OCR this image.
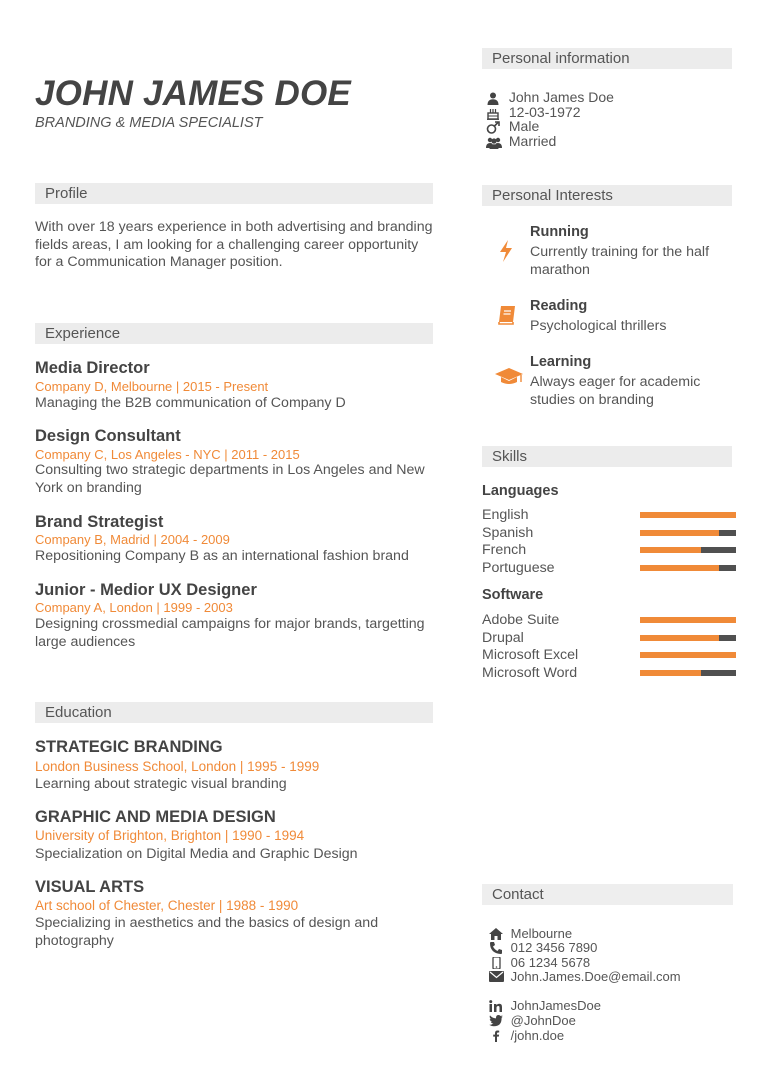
JOHN JAMES DOE
BRANDING & MEDIA SPECIALIST
Profile
With over 18 years experience in both advertising and branding fields areas, I am looking for a challenging career opportunity for a Communication Manager position.
Experience
Media Director
Company D, Melbourne | 2015 - Present
Managing the B2B communication of Company D
Design Consultant
Company C, Los Angeles - NYC | 2011 - 2015
Consulting two strategic departments in Los Angeles and New York on branding
Brand Strategist
Company B, Madrid | 2004 - 2009
Repositioning Company B as an international fashion brand
Junior - Medior UX Designer
Company A, London | 1999 - 2003
Designing crossmedial campaigns for major brands, targetting large audiences
Education
STRATEGIC BRANDING
London Business School, London | 1995 - 1999
Learning about strategic visual branding
GRAPHIC AND MEDIA DESIGN
University of Brighton, Brighton | 1990 - 1994
Specialization on Digital Media and Graphic Design
VISUAL ARTS
Art school of Chester, Chester | 1988 - 1990
Specializing in aesthetics and the basics of design and photography
Personal information
John James Doe
12-03-1972
Male
Married
Personal Interests
Running
Currently training for the half marathon
Reading
Psychological thrillers
Learning
Always eager for academic studies on branding
Skills
Languages
English
Spanish
French
Portuguese
Software
Adobe Suite
Drupal
Microsoft Excel
Microsoft Word
Contact
Melbourne
012 3456 7890
06 1234 5678
John.James.Doe@email.com
JohnJamesDoe
@JohnDoe
/john.doe
